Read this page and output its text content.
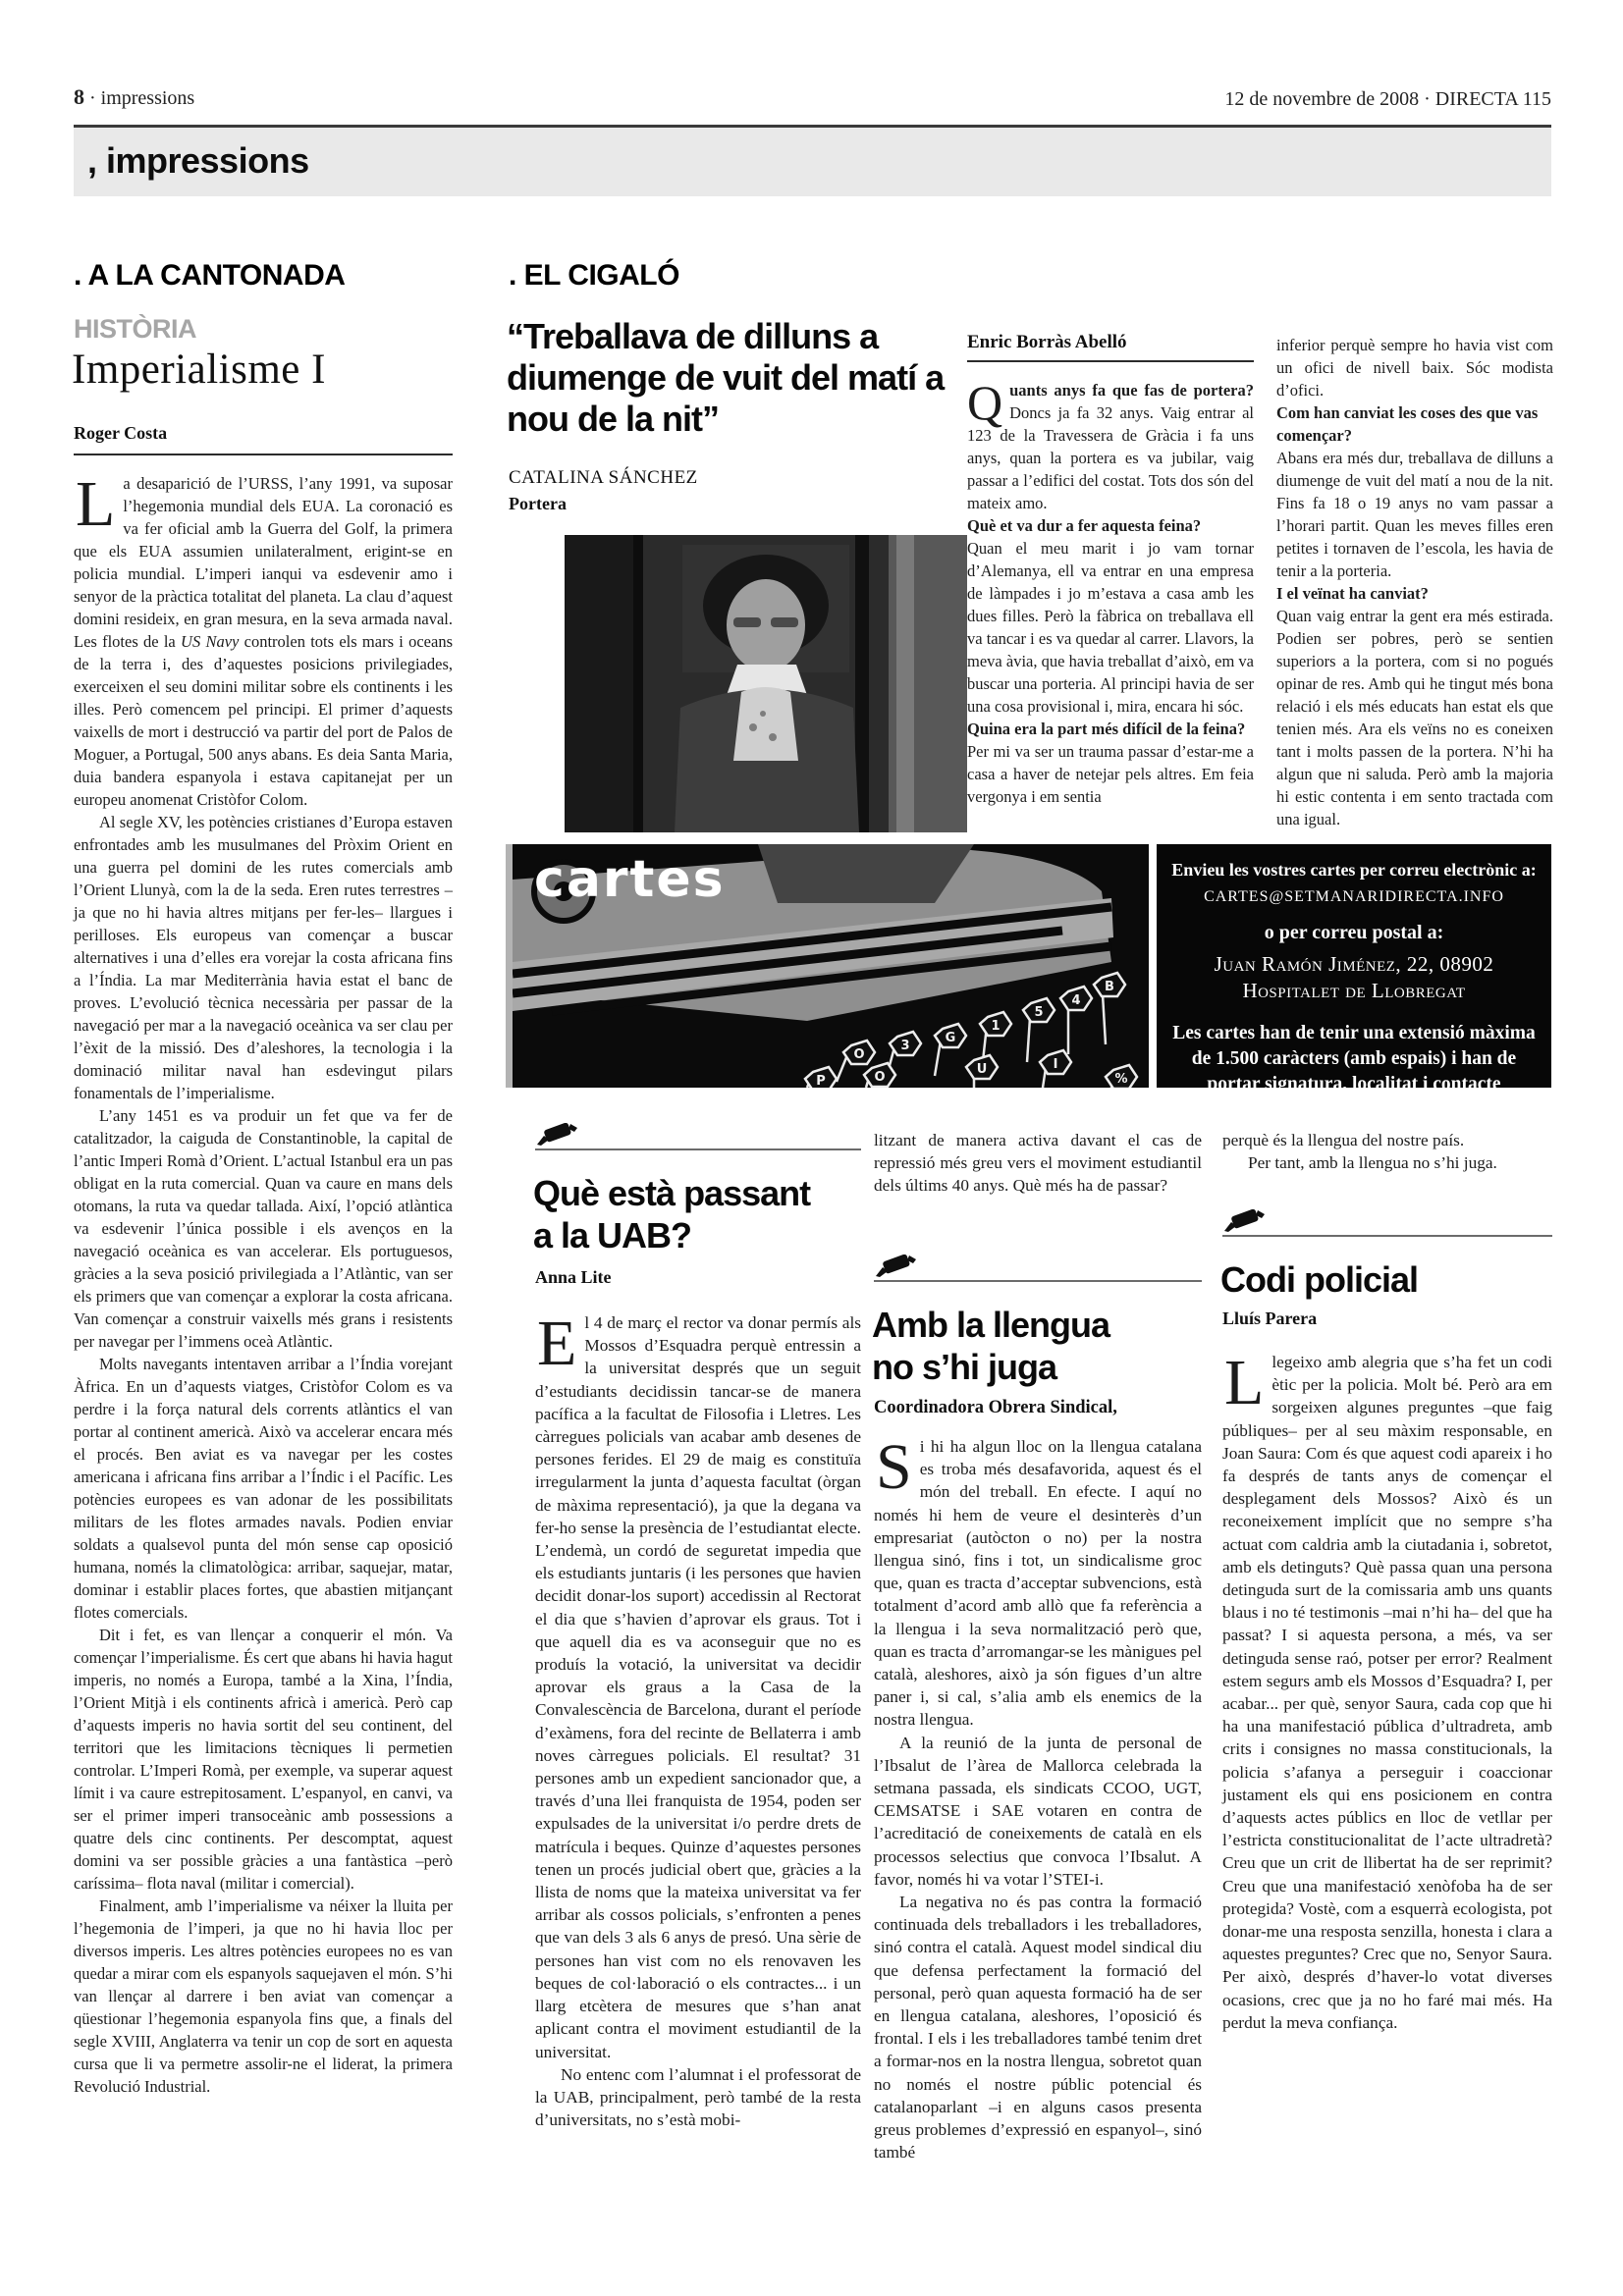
8 · impressions	12 de novembre de 2008 · DIRECTA 115
, impressions
. A LA CANTONADA
HISTÒRIA
Imperialisme I
Roger Costa

La desaparició de l’URSS, l’any 1991, va suposar l’hegemonia mundial dels EUA. La coronació es va fer oficial amb la Guerra del Golf, la primera que els EUA assumien unilateralment, erigint-se en policia mundial. L’imperi ianqui va esdevenir amo i senyor de la pràctica totalitat del planeta. La clau d’aquest domini resideix, en gran mesura, en la seva armada naval. Les flotes de la US Navy controlen tots els mars i oceans de la terra i, des d’aquestes posicions privilegiades, exerceixen el seu domini militar sobre els continents i les illes. Però comencem pel principi. El primer d’aquests vaixells de mort i destrucció va partir del port de Palos de Moguer, a Portugal, 500 anys abans. Es deia Santa Maria, duia bandera espanyola i estava capitanejat per un europeu anomenat Cristòfor Colom.

Al segle XV, les potències cristianes d’Europa estaven enfrontades amb les musulmanes del Pròxim Orient en una guerra pel domini de les rutes comercials amb l’Orient Llunyà, com la de la seda. Eren rutes terrestres –ja que no hi havia altres mitjans per fer-les– llargues i perilloses. Els europeus van començar a buscar alternatives i una d’elles era vorejar la costa africana fins a l’Índia. La mar Mediterrània havia estat el banc de proves. L’evolució tècnica necessària per passar de la navegació per mar a la navegació oceànica va ser clau per l’èxit de la missió. Des d’aleshores, la tecnologia i la dominació militar naval han esdevingut pilars fonamentals de l’imperialisme.

L’any 1451 es va produir un fet que va fer de catalitzador, la caiguda de Constantinoble, la capital de l’antic Imperi Romà d’Orient. L’actual Istanbul era un pas obligat en la ruta comercial. Quan va caure en mans dels otomans, la ruta va quedar tallada. Així, l’opció atlàntica va esdevenir l’única possible i els avenços en la navegació oceànica es van accelerar. Els portuguesos, gràcies a la seva posició privilegiada a l’Atlàntic, van ser els primers que van començar a explorar la costa africana. Van començar a construir vaixells més grans i resistents per navegar per l’immens oceà Atlàntic.

Molts navegants intentaven arribar a l’Índia vorejant Àfrica. En un d’aquests viatges, Cristòfor Colom es va perdre i la força natural dels corrents atlàntics el van portar al continent americà. Això va accelerar encara més el procés. Ben aviat es va navegar per les costes americana i africana fins arribar a l’Índic i el Pacífic. Les potències europees es van adonar de les possibilitats militars de les flotes armades navals. Podien enviar soldats a qualsevol punta del món sense cap oposició humana, només la climatològica: arribar, saquejar, matar, dominar i establir places fortes, que abastien mitjançant flotes comercials.

Dit i fet, es van llençar a conquerir el món. Va començar l’imperialisme. És cert que abans hi havia hagut imperis, no només a Europa, també a la Xina, l’Índia, l’Orient Mitjà i els continents africà i americà. Però cap d’aquests imperis no havia sortit del seu continent, del territori que les limitacions tècniques li permetien controlar. L’Imperi Romà, per exemple, va superar aquest límit i va caure estrepitosament. L’espanyol, en canvi, va ser el primer imperi transoceànic amb possessions a quatre dels cinc continents. Per descomptat, aquest domini va ser possible gràcies a una fantàstica –però caríssima– flota naval (militar i comercial).

Finalment, amb l’imperialisme va néixer la lluita per l’hegemonia de l’imperi, ja que no hi havia lloc per diversos imperis. Les altres potències europees no es van quedar a mirar com els espanyols saquejaven el món. S’hi van llençar al darrere i ben aviat van començar a qüestionar l’hegemonia espanyola fins que, a finals del segle XVIII, Anglaterra va tenir un cop de sort en aquesta cursa que li va permetre assolir-ne el liderat, la primera Revolució Industrial.

. EL CIGALÓ
“Treballava de dilluns a diumenge de vuit del matí a nou de la nit”
CATALINA SÁNCHEZ
Portera
Enric Borràs Abelló

Quants anys fa que fas de portera? Doncs ja fa 32 anys. Vaig entrar al 123 de la Travessera de Gràcia i fa uns anys, quan la portera es va jubilar, vaig passar a l’edifici del costat. Tots dos són del mateix amo.

Què et va dur a fer aquesta feina?

Quan el meu marit i jo vam tornar d’Alemanya, ell va entrar en una empresa de làmpades i jo m’estava a casa amb les dues filles. Però la fàbrica on treballava ell va tancar i es va quedar al carrer. Llavors, la meva àvia, que havia treballat d’això, em va buscar una porteria. Al principi havia de ser una cosa provisional i, mira, encara hi sóc.

Quina era la part més difícil de la feina?

Per mi va ser un trauma passar d’estar-me a casa a haver de netejar pels altres. Em feia vergonya i em sentia

inferior perquè sempre ho havia vist com un ofici de nivell baix. Sóc modista d’ofici.

Com han canviat les coses des que vas començar?

Abans era més dur, treballava de dilluns a diumenge de vuit del matí a nou de la nit. Fins fa 18 o 19 anys no vam passar a l’horari partit. Quan les meves filles eren petites i tornaven de l’escola, les havia de tenir a la porteria.

I el veïnat ha canviat?

Quan vaig entrar la gent era més estirada. Podien ser pobres, però se sentien superiors a la portera, com si no pogués opinar de res. Amb qui he tingut més bona relació i els més educats han estat els que tenien més. Ara els veïns no es coneixen tant i molts passen de la portera. N’hi ha algun que ni saluda. Però amb la majoria hi estic contenta i em sento tractada com una igual.

O
3
G
1
5
4
B
U	I
O
P	%
cartes	Envieu les vostres cartes per correu electrònic a:
CARTES@SETMANARIDIRECTA.INFO
o per correu postal a:
Juan Ramón Jiménez, 22, 08902
Hospitalet de Llobregat
Les cartes han de tenir una extensió màxima de 1.500 caràcters (amb espais) i han de portar signatura, localitat i contacte
Què està passant a la UAB?
Anna Lite

El 4 de març el rector va donar permís als Mossos d’Esquadra perquè entressin a la universitat després que un seguit d’estudiants decidissin tancar-se de manera pacífica a la facultat de Filosofia i Lletres. Les càrregues policials van acabar amb desenes de persones ferides. El 29 de maig es constituïa irregularment la junta d’aquesta facultat (òrgan de màxima representació), ja que la degana va fer-ho sense la presència de l’estudiantat electe. L’endemà, un cordó de seguretat impedia que els estudiants juntaris (i les persones que havien decidit donar-los suport) accedissin al Rectorat el dia que s’havien d’aprovar els graus. Tot i que aquell dia es va aconseguir que no es produís la votació, la universitat va decidir aprovar els graus a la Casa de la Convalescència de Barcelona, durant el període d’exàmens, fora del recinte de Bellaterra i amb noves càrregues policials. El resultat? 31 persones amb un expedient sancionador que, a través d’una llei franquista de 1954, poden ser expulsades de la universitat i/o perdre drets de matrícula i beques. Quinze d’aquestes persones tenen un procés judicial obert que, gràcies a la llista de noms que la mateixa universitat va fer arribar als cossos policials, s’enfronten a penes que van dels 3 als 6 anys de presó. Una sèrie de persones han vist com no els renovaven les beques de col·laboració o els contractes... i un llarg etcètera de mesures que s’han anat aplicant contra el moviment estudiantil de la universitat.

No entenc com l’alumnat i el professorat de la UAB, principalment, però també de la resta d’universitats, no s’està mobi-

litzant de manera activa davant el cas de repressió més greu vers el moviment estudiantil dels últims 40 anys. Què més ha de passar?

Amb la llengua no s’hi juga
Coordinadora Obrera Sindical,

Si hi ha algun lloc on la llengua catalana es troba més desafavorida, aquest és el món del treball. En efecte. I aquí no només hi hem de veure el desinterès d’un empresariat (autòcton o no) per la nostra llengua sinó, fins i tot, un sindicalisme groc que, quan es tracta d’acceptar subvencions, està totalment d’acord amb allò que fa referència a la llengua i la seva normalització però que, quan es tracta d’arromangar-se les mànigues pel català, aleshores, això ja són figues d’un altre paner i, si cal, s’alia amb els enemics de la nostra llengua.

A la reunió de la junta de personal de l’Ibsalut de l’àrea de Mallorca celebrada la setmana passada, els sindicats CCOO, UGT, CEMSATSE i SAE votaren en contra de l’acreditació de coneixements de català en els processos selectius que convoca l’Ibsalut. A favor, només hi va votar l’STEI-i.

La negativa no és pas contra la formació continuada dels treballadors i les treballadores, sinó contra el català. Aquest model sindical diu que defensa perfectament la formació del personal, però quan aquesta formació ha de ser en llengua catalana, aleshores, l’oposició és frontal. I els i les treballadores també tenim dret a formar-nos en la nostra llengua, sobretot quan no només el nostre públic potencial és catalanoparlant –i en alguns casos presenta greus problemes d’expressió en espanyol–, sinó també

perquè és la llengua del nostre país.

Per tant, amb la llengua no s’hi juga.

Codi policial
Lluís Parera

Llegeixo amb alegria que s’ha fet un codi ètic per la policia. Molt bé. Però ara em sorgeixen algunes preguntes –que faig públiques– per al seu màxim responsable, en Joan Saura: Com és que aquest codi apareix i ho fa després de tants anys de començar el desplegament dels Mossos? Això és un reconeixement implícit que no sempre s’ha actuat com caldria amb la ciutadania i, sobretot, amb els detinguts? Què passa quan una persona detinguda surt de la comissaria amb uns quants blaus i no té testimonis –mai n’hi ha– del que ha passat? I si aquesta persona, a més, va ser detinguda sense raó, potser per error? Realment estem segurs amb els Mossos d’Esquadra? I, per acabar... per què, senyor Saura, cada cop que hi ha una manifestació pública d’ultradreta, amb crits i consignes no massa constitucionals, la policia s’afanya a perseguir i coaccionar justament els qui ens posicionem en contra d’aquests actes públics en lloc de vetllar per l’estricta constitucionalitat de l’acte ultradretà? Creu que un crit de llibertat ha de ser reprimit? Creu que una manifestació xenòfoba ha de ser protegida? Vostè, com a esquerrà ecologista, pot donar-me una resposta senzilla, honesta i clara a aquestes preguntes? Crec que no, Senyor Saura. Per això, després d’haver-lo votat diverses ocasions, crec que ja no ho faré mai més. Ha perdut la meva confiança.
